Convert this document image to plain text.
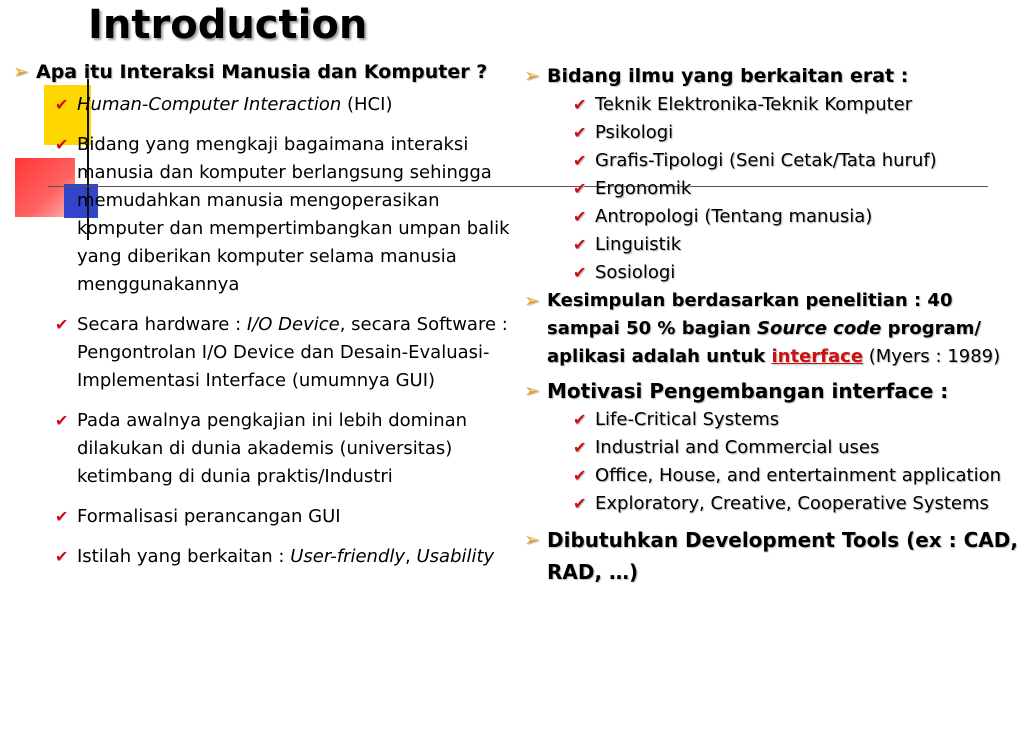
Introduction

➢ Apa itu Interaksi Manusia dan Komputer ?

✔ Human-Computer Interaction (HCI)

✔ Bidang yang mengkaji bagaimana interaksi manusia dan komputer berlangsung sehingga memudahkan manusia mengoperasikan komputer dan mempertimbangkan umpan balik yang diberikan komputer selama manusia menggunakannya

✔ Secara hardware : I/O Device, secara Software : Pengontrolan I/O Device dan Desain-Evaluasi-Implementasi Interface (umumnya GUI)

✔ Pada awalnya pengkajian ini lebih dominan dilakukan di dunia akademis (universitas) ketimbang di dunia praktis/Industri

✔ Formalisasi perancangan GUI

✔ Istilah yang berkaitan : User-friendly, Usability

➢ Bidang ilmu yang berkaitan erat :

✔ Teknik Elektronika-Teknik Komputer

✔ Psikologi

✔ Grafis-Tipologi (Seni Cetak/Tata huruf)

✔ Ergonomik

✔ Antropologi (Tentang manusia)

✔ Linguistik

✔ Sosiologi

➢ Kesimpulan berdasarkan penelitian : 40 sampai 50 % bagian Source code program/ aplikasi adalah untuk interface (Myers : 1989)

➢ Motivasi Pengembangan interface :

✔ Life-Critical Systems

✔ Industrial and Commercial uses

✔ Office, House, and entertainment application

✔ Exploratory, Creative, Cooperative Systems

➢ Dibutuhkan Development Tools (ex : CAD, RAD, …)
